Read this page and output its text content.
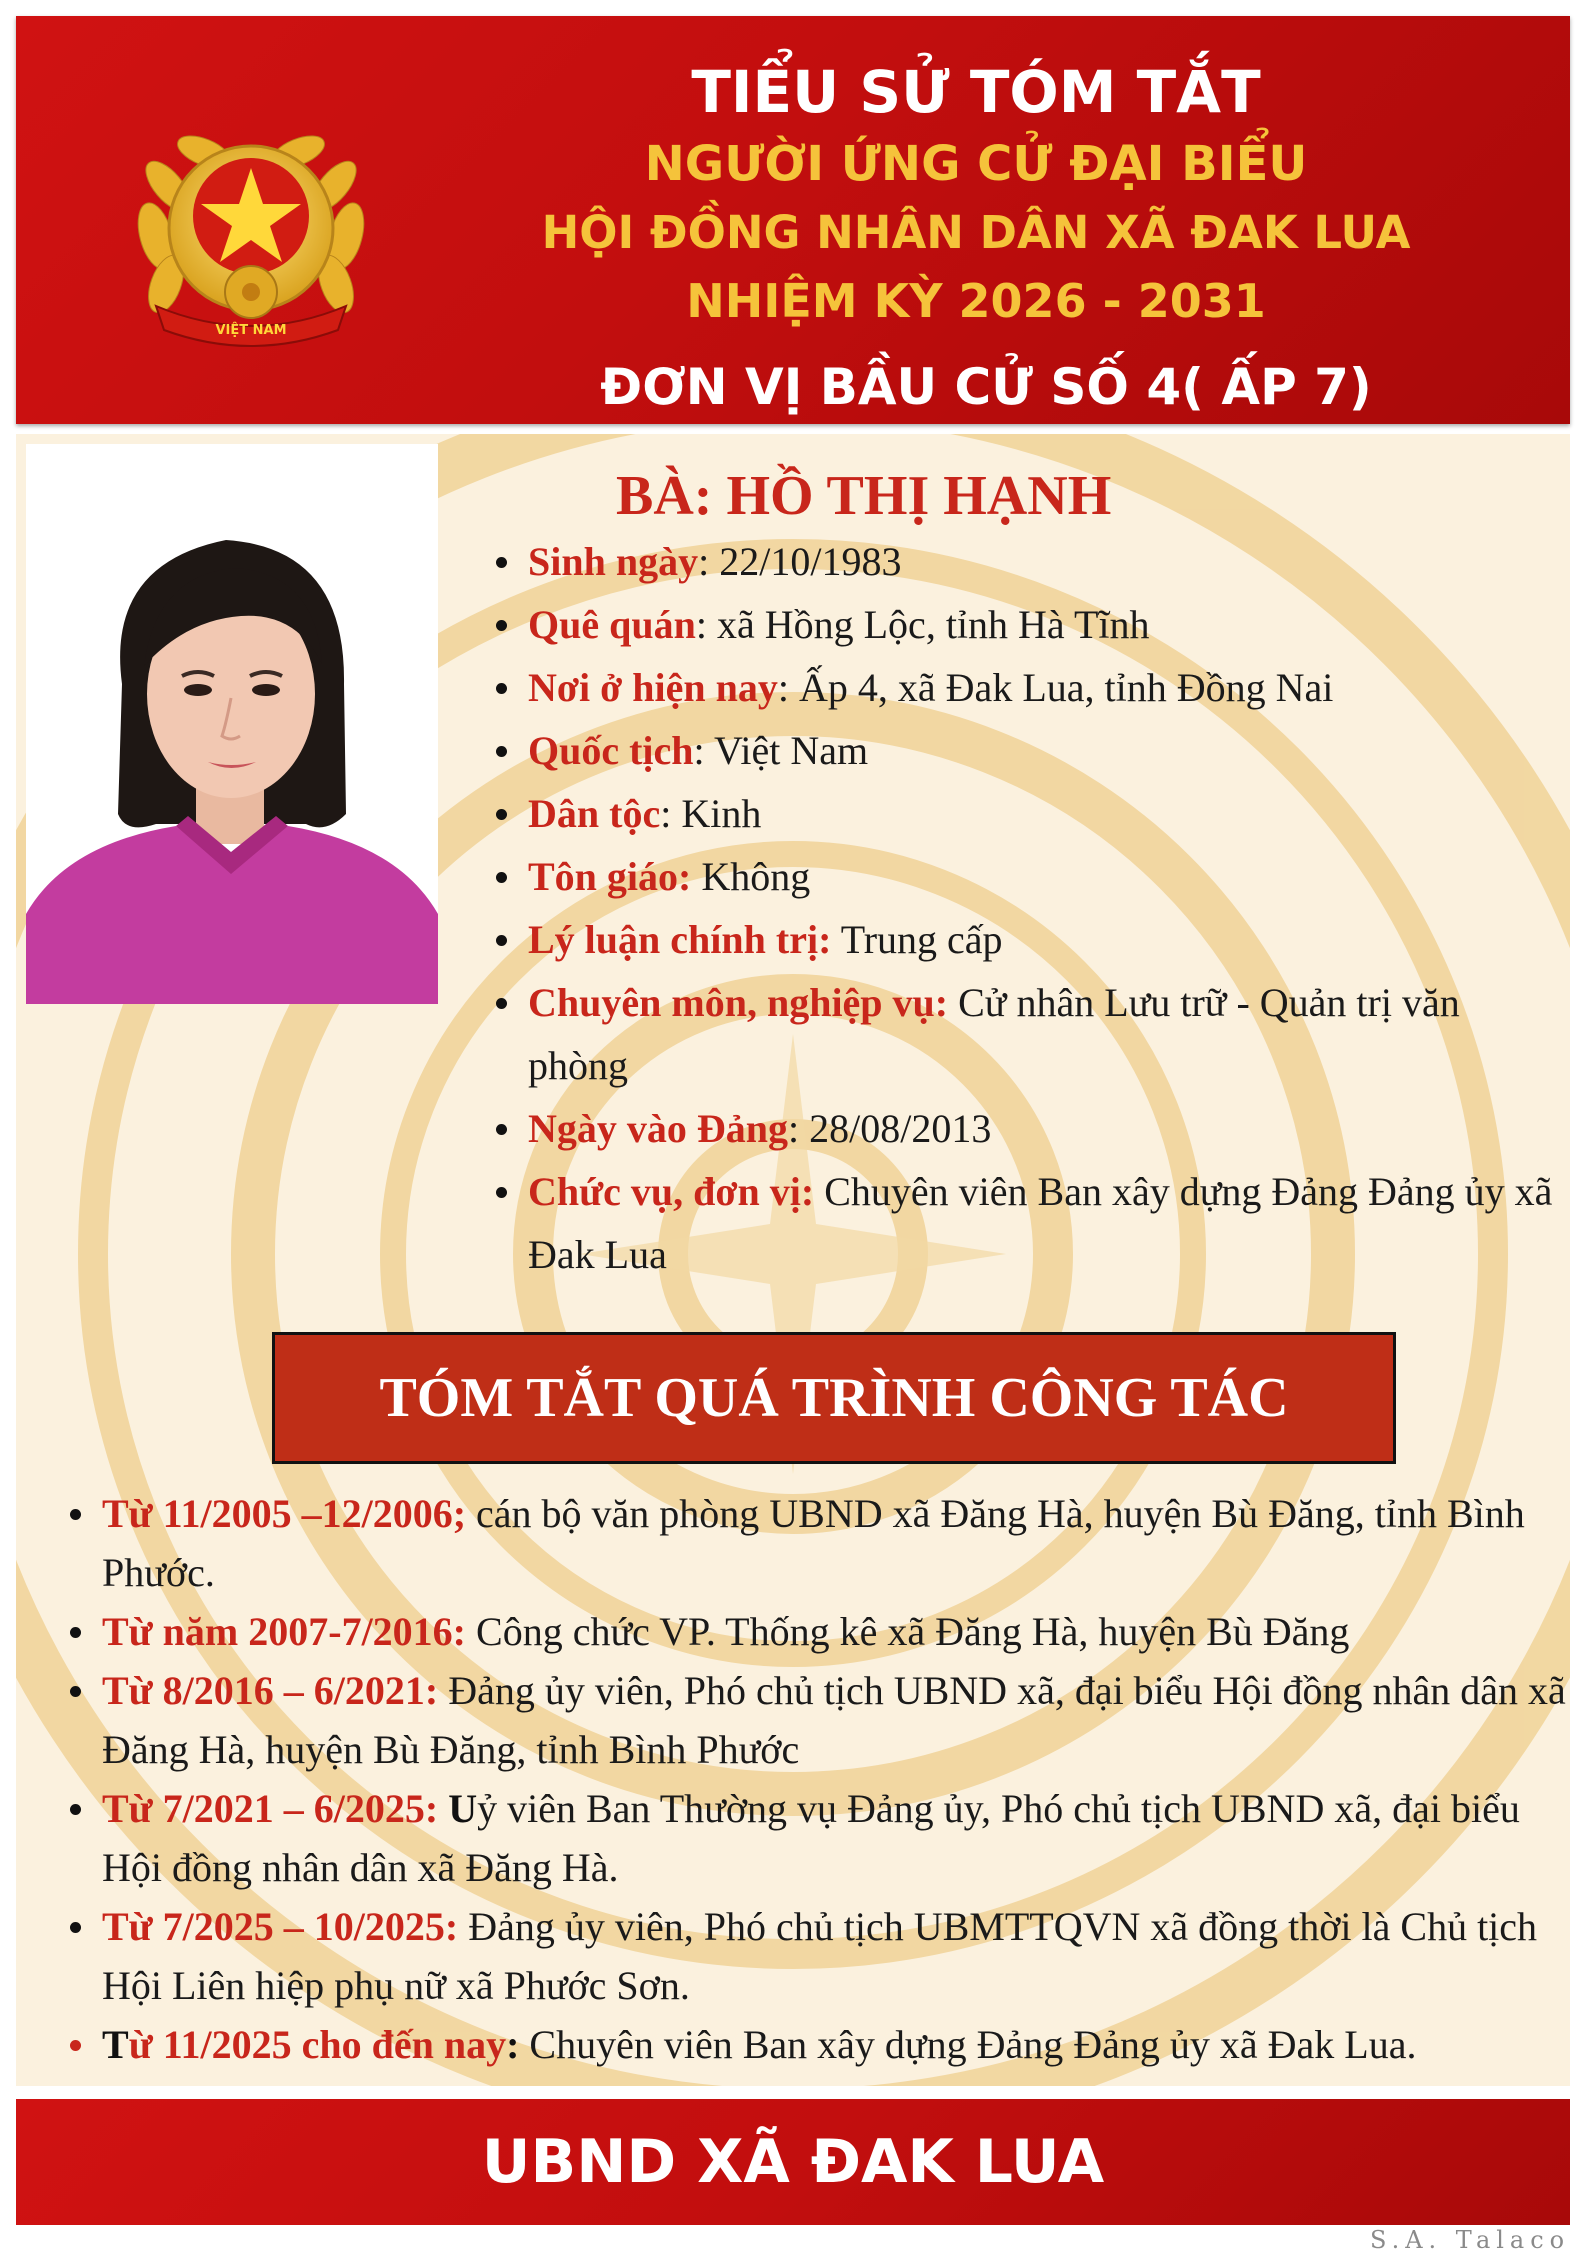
VIỆT NAM
TIỂU SỬ TÓM TẮT
NGƯỜI ỨNG CỬ ĐẠI BIỂU
HỘI ĐỒNG NHÂN DÂN XÃ ĐAK LUA
NHIỆM KỲ 2026 - 2031
ĐƠN VỊ BẦU CỬ SỐ 4( ẤP 7)
BÀ: HỒ THỊ HẠNH
Sinh ngày: 22/10/1983
Quê quán: xã Hồng Lộc, tỉnh Hà Tĩnh
Nơi ở hiện nay: Ấp 4, xã Đak Lua, tỉnh Đồng Nai
Quốc tịch: Việt Nam
Dân tộc: Kinh
Tôn giáo: Không
Lý luận chính trị: Trung cấp
Chuyên môn, nghiệp vụ: Cử nhân Lưu trữ - Quản trị văn phòng
Ngày vào Đảng: 28/08/2013
Chức vụ, đơn vị: Chuyên viên Ban xây dựng Đảng Đảng ủy xã Đak Lua
TÓM TẮT QUÁ TRÌNH CÔNG TÁC
Từ 11/2005 –12/2006; cán bộ văn phòng UBND xã Đăng Hà, huyện Bù Đăng, tỉnh Bình Phước.
Từ năm 2007-7/2016: Công chức VP. Thống kê xã Đăng Hà, huyện Bù Đăng
Từ 8/2016 – 6/2021: Đảng ủy viên, Phó chủ tịch UBND xã, đại biểu Hội đồng nhân dân xã Đăng Hà, huyện Bù Đăng, tỉnh Bình Phước
Từ 7/2021 – 6/2025: Uỷ viên Ban Thường vụ Đảng ủy, Phó chủ tịch UBND xã, đại biểu Hội đồng nhân dân xã Đăng Hà.
Từ 7/2025 – 10/2025: Đảng ủy viên, Phó chủ tịch UBMTTQVN xã đồng thời là Chủ tịch Hội Liên hiệp phụ nữ xã Phước Sơn.
Từ 11/2025 cho đến nay: Chuyên viên Ban xây dựng Đảng Đảng ủy xã Đak Lua.
UBND XÃ ĐAK LUA
S.A. Talaco
